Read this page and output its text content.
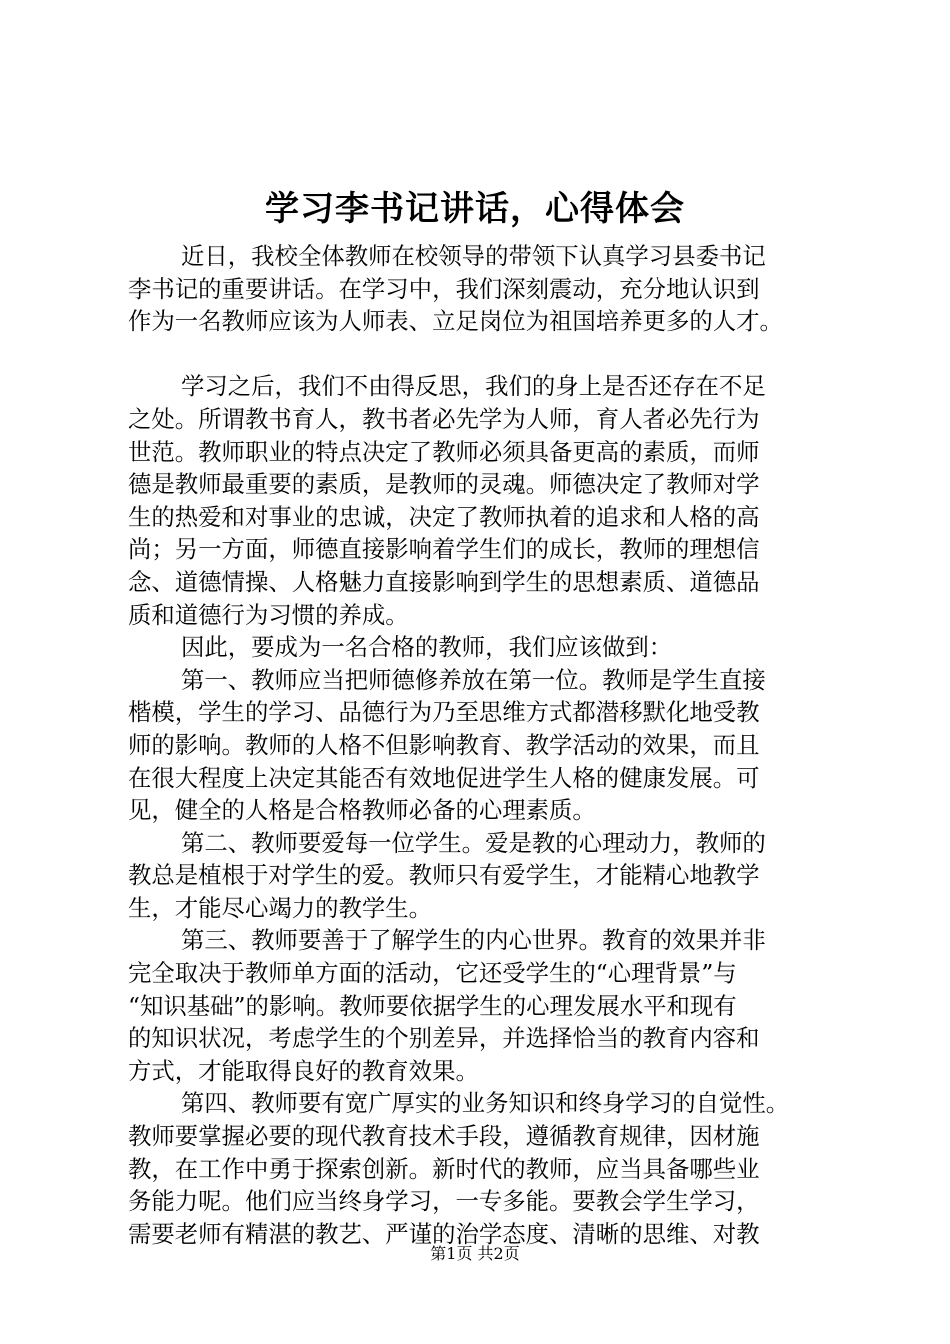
学习李书记讲话，心得体会
近日，我校全体教师在校领导的带领下认真学习县委书记
李书记的重要讲话。在学习中，我们深刻震动，充分地认识到
作为一名教师应该为人师表、立足岗位为祖国培养更多的人才。
学习之后，我们不由得反思，我们的身上是否还存在不足
之处。所谓教书育人，教书者必先学为人师，育人者必先行为
世范。教师职业的特点决定了教师必须具备更高的素质，而师
德是教师最重要的素质，是教师的灵魂。师德决定了教师对学
生的热爱和对事业的忠诚，决定了教师执着的追求和人格的高
尚；另一方面，师德直接影响着学生们的成长，教师的理想信
念、道德情操、人格魅力直接影响到学生的思想素质、道德品
质和道德行为习惯的养成。
因此，要成为一名合格的教师，我们应该做到：
第一、教师应当把师德修养放在第一位。教师是学生直接
楷模，学生的学习、品德行为乃至思维方式都潜移默化地受教
师的影响。教师的人格不但影响教育、教学活动的效果，而且
在很大程度上决定其能否有效地促进学生人格的健康发展。可
见，健全的人格是合格教师必备的心理素质。
第二、教师要爱每一位学生。爱是教的心理动力，教师的
教总是植根于对学生的爱。教师只有爱学生，才能精心地教学
生，才能尽心竭力的教学生。
第三、教师要善于了解学生的内心世界。教育的效果并非
完全取决于教师单方面的活动，它还受学生的“心理背景”与
“知识基础”的影响。教师要依据学生的心理发展水平和现有
的知识状况，考虑学生的个别差异，并选择恰当的教育内容和
方式，才能取得良好的教育效果。
第四、教师要有宽广厚实的业务知识和终身学习的自觉性。
教师要掌握必要的现代教育技术手段，遵循教育规律，因材施
教，在工作中勇于探索创新。新时代的教师，应当具备哪些业
务能力呢。他们应当终身学习，一专多能。要教会学生学习，
需要老师有精湛的教艺、严谨的治学态度、清晰的思维、对教
第1页 共2页
